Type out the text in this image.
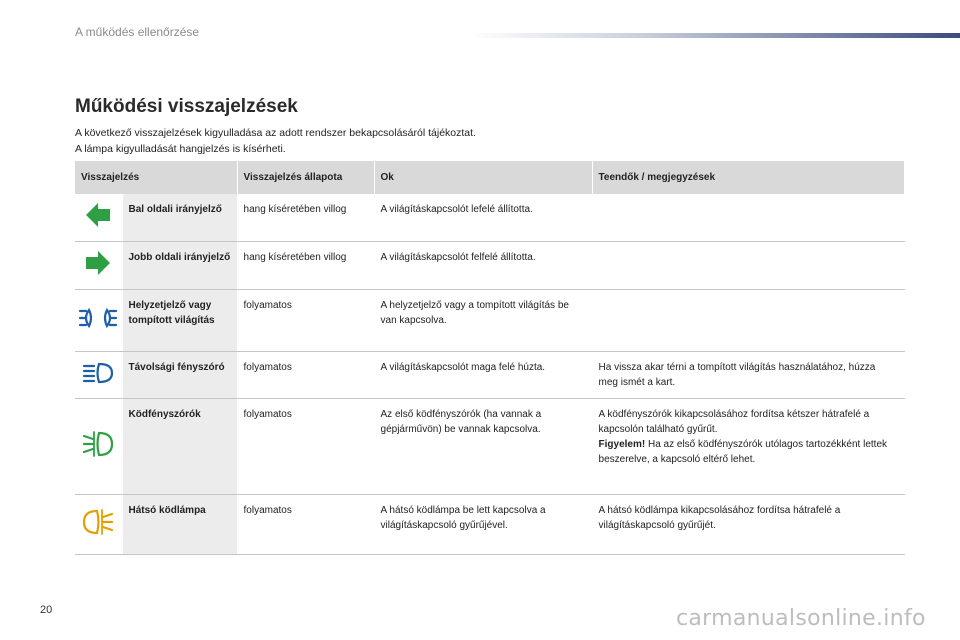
A működés ellenőrzése
Működési visszajelzések
A következő visszajelzések kigyulladása az adott rendszer bekapcsolásáról tájékoztat.
A lámpa kigyulladását hangjelzés is kísérheti.
Visszajelzés		Visszajelzés állapota	Ok	Teendők / megjegyzések
	Bal oldali irányjelző	hang kíséretében villog	A világításkapcsolót lefelé állította.	
	Jobb oldali irányjelző	hang kíséretében villog	A világításkapcsolót felfelé állította.	
	Helyzetjelző vagy tompított világítás	folyamatos	A helyzetjelző vagy a tompított világítás be van kapcsolva.	
	Távolsági fényszóró	folyamatos	A világításkapcsolót maga felé húzta.	Ha vissza akar térni a tompított világítás használatához, húzza meg ismét a kart.
	Ködfényszórók	folyamatos	Az első ködfényszórók (ha vannak a gépjárművön) be vannak kapcsolva.	A ködfényszórók kikapcsolásához fordítsa kétszer hátrafelé a kapcsolón található gyűrűt.
Figyelem! Ha az első ködfényszórók utólagos tartozékként lettek beszerelve, a kapcsoló eltérő lehet.
	Hátsó ködlámpa	folyamatos	A hátsó ködlámpa be lett kapcsolva a világításkapcsoló gyűrűjével.	A hátsó ködlámpa kikapcsolásához fordítsa hátrafelé a világításkapcsoló gyűrűjét.
20	carmanualsonline.info
